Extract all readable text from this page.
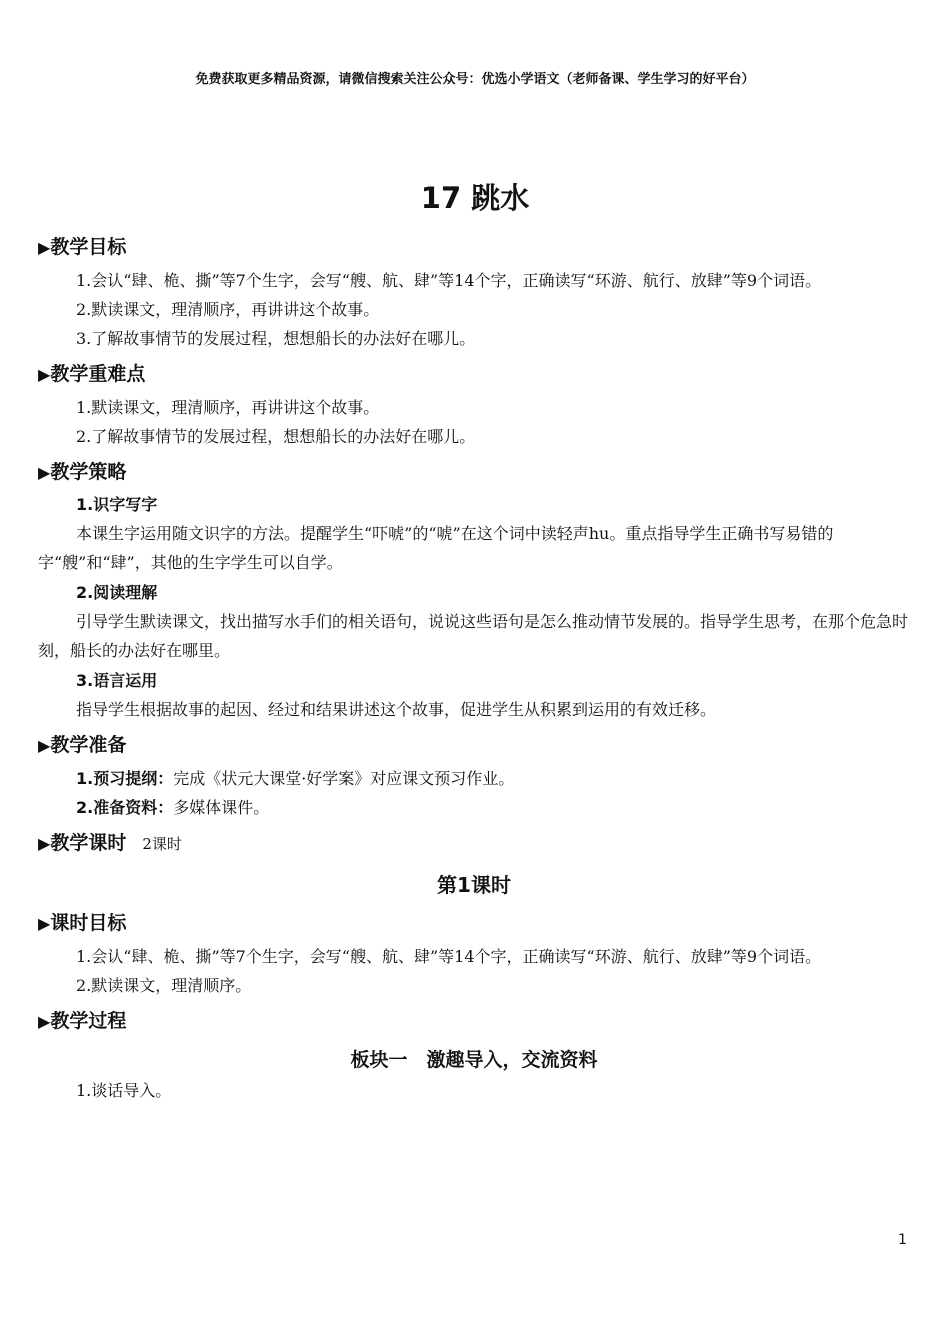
免费获取更多精品资源，请微信搜索关注公众号：优选小学语文（老师备课、学生学习的好平台）
17 跳水
▶教学目标

1.会认“肆、桅、撕”等7个生字，会写“艘、航、肆”等14个字，正确读写“环游、航行、放肆”等9个词语。

2.默读课文，理清顺序，再讲讲这个故事。

3.了解故事情节的发展过程，想想船长的办法好在哪儿。

▶教学重难点

1.默读课文，理清顺序，再讲讲这个故事。

2.了解故事情节的发展过程，想想船长的办法好在哪儿。

▶教学策略
1.识字写字

本课生字运用随文识字的方法。提醒学生“吓唬”的“唬”在这个词中读轻声hu。重点指导学生正确书写易错的字“艘”和“肆”，其他的生字学生可以自学。

2.阅读理解

引导学生默读课文，找出描写水手们的相关语句，说说这些语句是怎么推动情节发展的。指导学生思考，在那个危急时刻，船长的办法好在哪里。

3.语言运用

指导学生根据故事的起因、经过和结果讲述这个故事，促进学生从积累到运用的有效迁移。

▶教学准备

1.预习提纲：完成《状元大课堂·好学案》对应课文预习作业。

2.准备资料：多媒体课件。

▶教学课时 2课时
第1课时
▶课时目标

1.会认“肆、桅、撕”等7个生字，会写“艘、航、肆”等14个字，正确读写“环游、航行、放肆”等9个词语。

2.默读课文，理清顺序。

▶教学过程
板块一　激趣导入，交流资料

1.谈话导入。

1
